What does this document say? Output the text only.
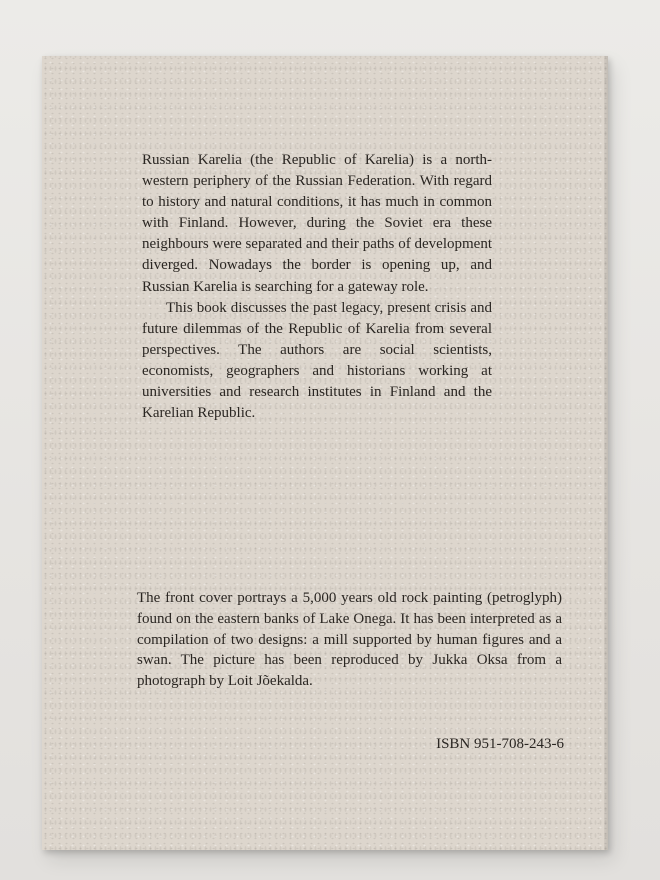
Russian Karelia (the Republic of Karelia) is a north-western periphery of the Russian Federation. With regard to history and natural conditions, it has much in common with Finland. However, during the Soviet era these neighbours were separated and their paths of development diverged. Nowadays the border is opening up, and Russian Karelia is searching for a gateway role.

This book discusses the past legacy, present crisis and future dilemmas of the Republic of Karelia from several perspectives. The authors are social scientists, economists, geographers and historians working at universities and research institutes in Finland and the Karelian Republic.

The front cover portrays a 5,000 years old rock painting (petroglyph) found on the eastern banks of Lake Onega. It has been interpreted as a compilation of two designs: a mill supported by human figures and a swan. The picture has been reproduced by Jukka Oksa from a photograph by Loit Jõekalda.

ISBN 951-708-243-6
